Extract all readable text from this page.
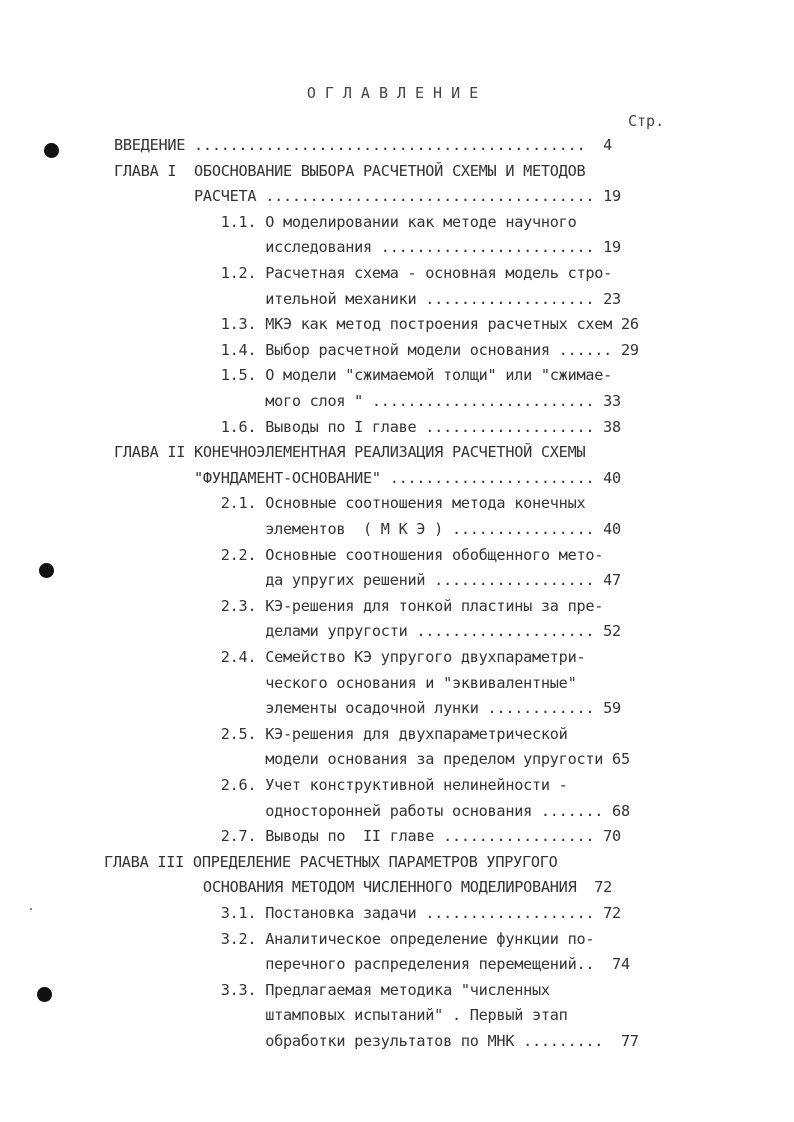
ОГЛАВЛЕНИЕ
Стр.
ВВЕДЕНИЕ ............................................  4
ГЛАВА I  ОБОСНОВАНИЕ ВЫБОРА РАСЧЕТНОЙ СХЕМЫ И МЕТОДОВ
РАСЧЕТА ..................................... 19
1.1. О моделировании как методе научного
исследования ........................ 19
1.2. Расчетная схема - основная модель стро-
ительной механики ................... 23
1.3. МКЭ как метод построения расчетных схем 26
1.4. Выбор расчетной модели основания ...... 29
1.5. О модели "сжимаемой толщи" или "сжимае-
мого слоя " ......................... 33
1.6. Выводы по I главе ................... 38
ГЛАВА II КОНЕЧНОЭЛЕМЕНТНАЯ РЕАЛИЗАЦИЯ РАСЧЕТНОЙ СХЕМЫ
"ФУНДАМЕНТ-ОСНОВАНИЕ" ....................... 40
2.1. Основные соотношения метода конечных
элементов  ( М К Э ) ................ 40
2.2. Основные соотношения обобщенного мето-
да упругих решений .................. 47
2.3. КЭ-решения для тонкой пластины за пре-
делами упругости .................... 52
2.4. Семейство КЭ упругого двухпараметри-
ческого основания и "эквивалентные"
элементы осадочной лунки ............ 59
2.5. КЭ-решения для двухпараметрической
модели основания за пределом упругости 65
2.6. Учет конструктивной нелинейности -
односторонней работы основания ....... 68
2.7. Выводы по  II главе ................. 70
ГЛАВА III ОПРЕДЕЛЕНИЕ РАСЧЕТНЫХ ПАРАМЕТРОВ УПРУГОГО
ОСНОВАНИЯ МЕТОДОМ ЧИСЛЕННОГО МОДЕЛИРОВАНИЯ  72
3.1. Постановка задачи ................... 72
3.2. Аналитическое определение функции по-
перечного распределения перемещений..  74
3.3. Предлагаемая методика "численных
штамповых испытаний" . Первый этап
обработки результатов по МНК .........  77
